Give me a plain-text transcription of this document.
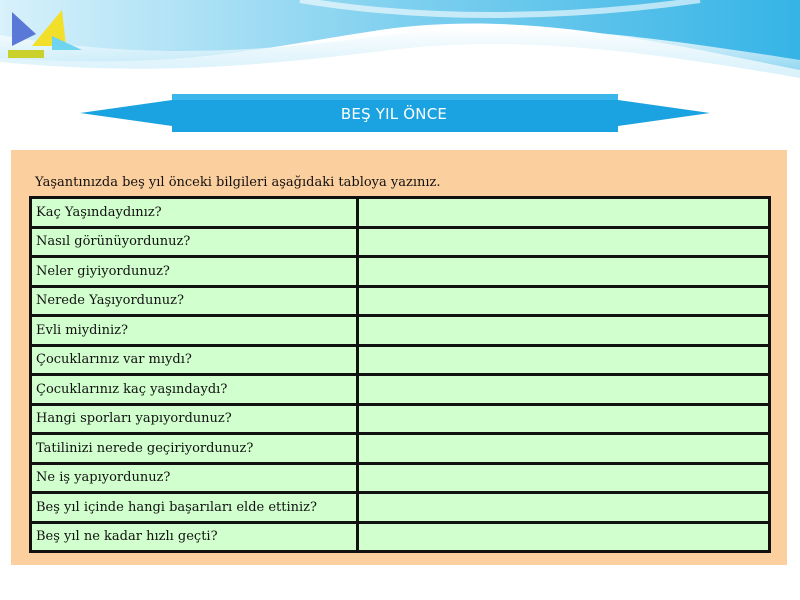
BEŞ YIL ÖNCE
Yaşantınızda beş yıl önceki bilgileri aşağıdaki tabloya yazınız.
Kaç Yaşındaydınız?	
Nasıl görünüyordunuz?	
Neler giyiyordunuz?	
Nerede Yaşıyordunuz?	
Evli miydiniz?	
Çocuklarınız var mıydı?	
Çocuklarınız kaç yaşındaydı?	
Hangi sporları yapıyordunuz?	
Tatilinizi nerede geçiriyordunuz?	
Ne iş yapıyordunuz?	
Beş yıl içinde hangi başarıları elde ettiniz?	
Beş yıl ne kadar hızlı geçti?	
